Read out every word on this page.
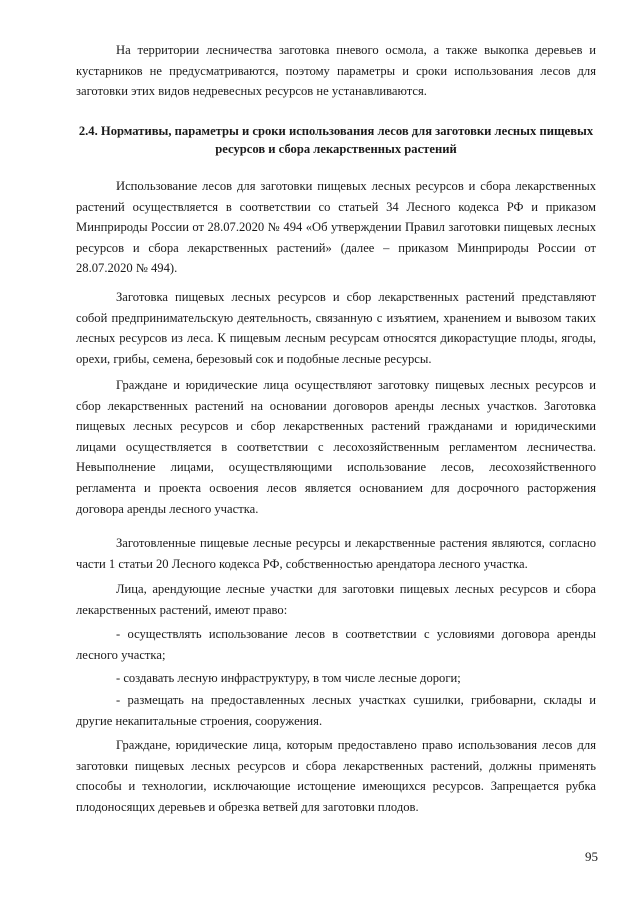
На территории лесничества заготовка пневого осмола, а также выкопка деревьев и кустарников не предусматриваются, поэтому параметры и сроки использования лесов для заготовки этих видов недревесных ресурсов не устанавливаются.

2.4. Нормативы, параметры и сроки использования лесов для заготовки лесных пищевых ресурсов и сбора лекарственных растений

Использование лесов для заготовки пищевых лесных ресурсов и сбора лекарственных растений осуществляется в соответствии со статьей 34 Лесного кодекса РФ и приказом Минприроды России от 28.07.2020 № 494 «Об утверждении Правил заготовки пищевых лесных ресурсов и сбора лекарственных растений» (далее – приказом Минприроды России от 28.07.2020 № 494).

Заготовка пищевых лесных ресурсов и сбор лекарственных растений представляют собой предпринимательскую деятельность, связанную с изъятием, хранением и вывозом таких лесных ресурсов из леса. К пищевым лесным ресурсам относятся дикорастущие плоды, ягоды, орехи, грибы, семена, березовый сок и подобные лесные ресурсы.

Граждане и юридические лица осуществляют заготовку пищевых лесных ресурсов и сбор лекарственных растений на основании договоров аренды лесных участков. Заготовка пищевых лесных ресурсов и сбор лекарственных растений гражданами и юридическими лицами осуществляется в соответствии с лесохозяйственным регламентом лесничества. Невыполнение лицами, осуществляющими использование лесов, лесохозяйственного регламента и проекта освоения лесов является основанием для досрочного расторжения договора аренды лесного участка.

Заготовленные пищевые лесные ресурсы и лекарственные растения являются, согласно части 1 статьи 20 Лесного кодекса РФ, собственностью арендатора лесного участка.

Лица, арендующие лесные участки для заготовки пищевых лесных ресурсов и сбора лекарственных растений, имеют право:

- осуществлять использование лесов в соответствии с условиями договора аренды лесного участка;

- создавать лесную инфраструктуру, в том числе лесные дороги;

- размещать на предоставленных лесных участках сушилки, грибоварни, склады и другие некапитальные строения, сооружения.

Граждане, юридические лица, которым предоставлено право использования лесов для заготовки пищевых лесных ресурсов и сбора лекарственных растений, должны применять способы и технологии, исключающие истощение имеющихся ресурсов. Запрещается рубка плодоносящих деревьев и обрезка ветвей для заготовки плодов.

95
